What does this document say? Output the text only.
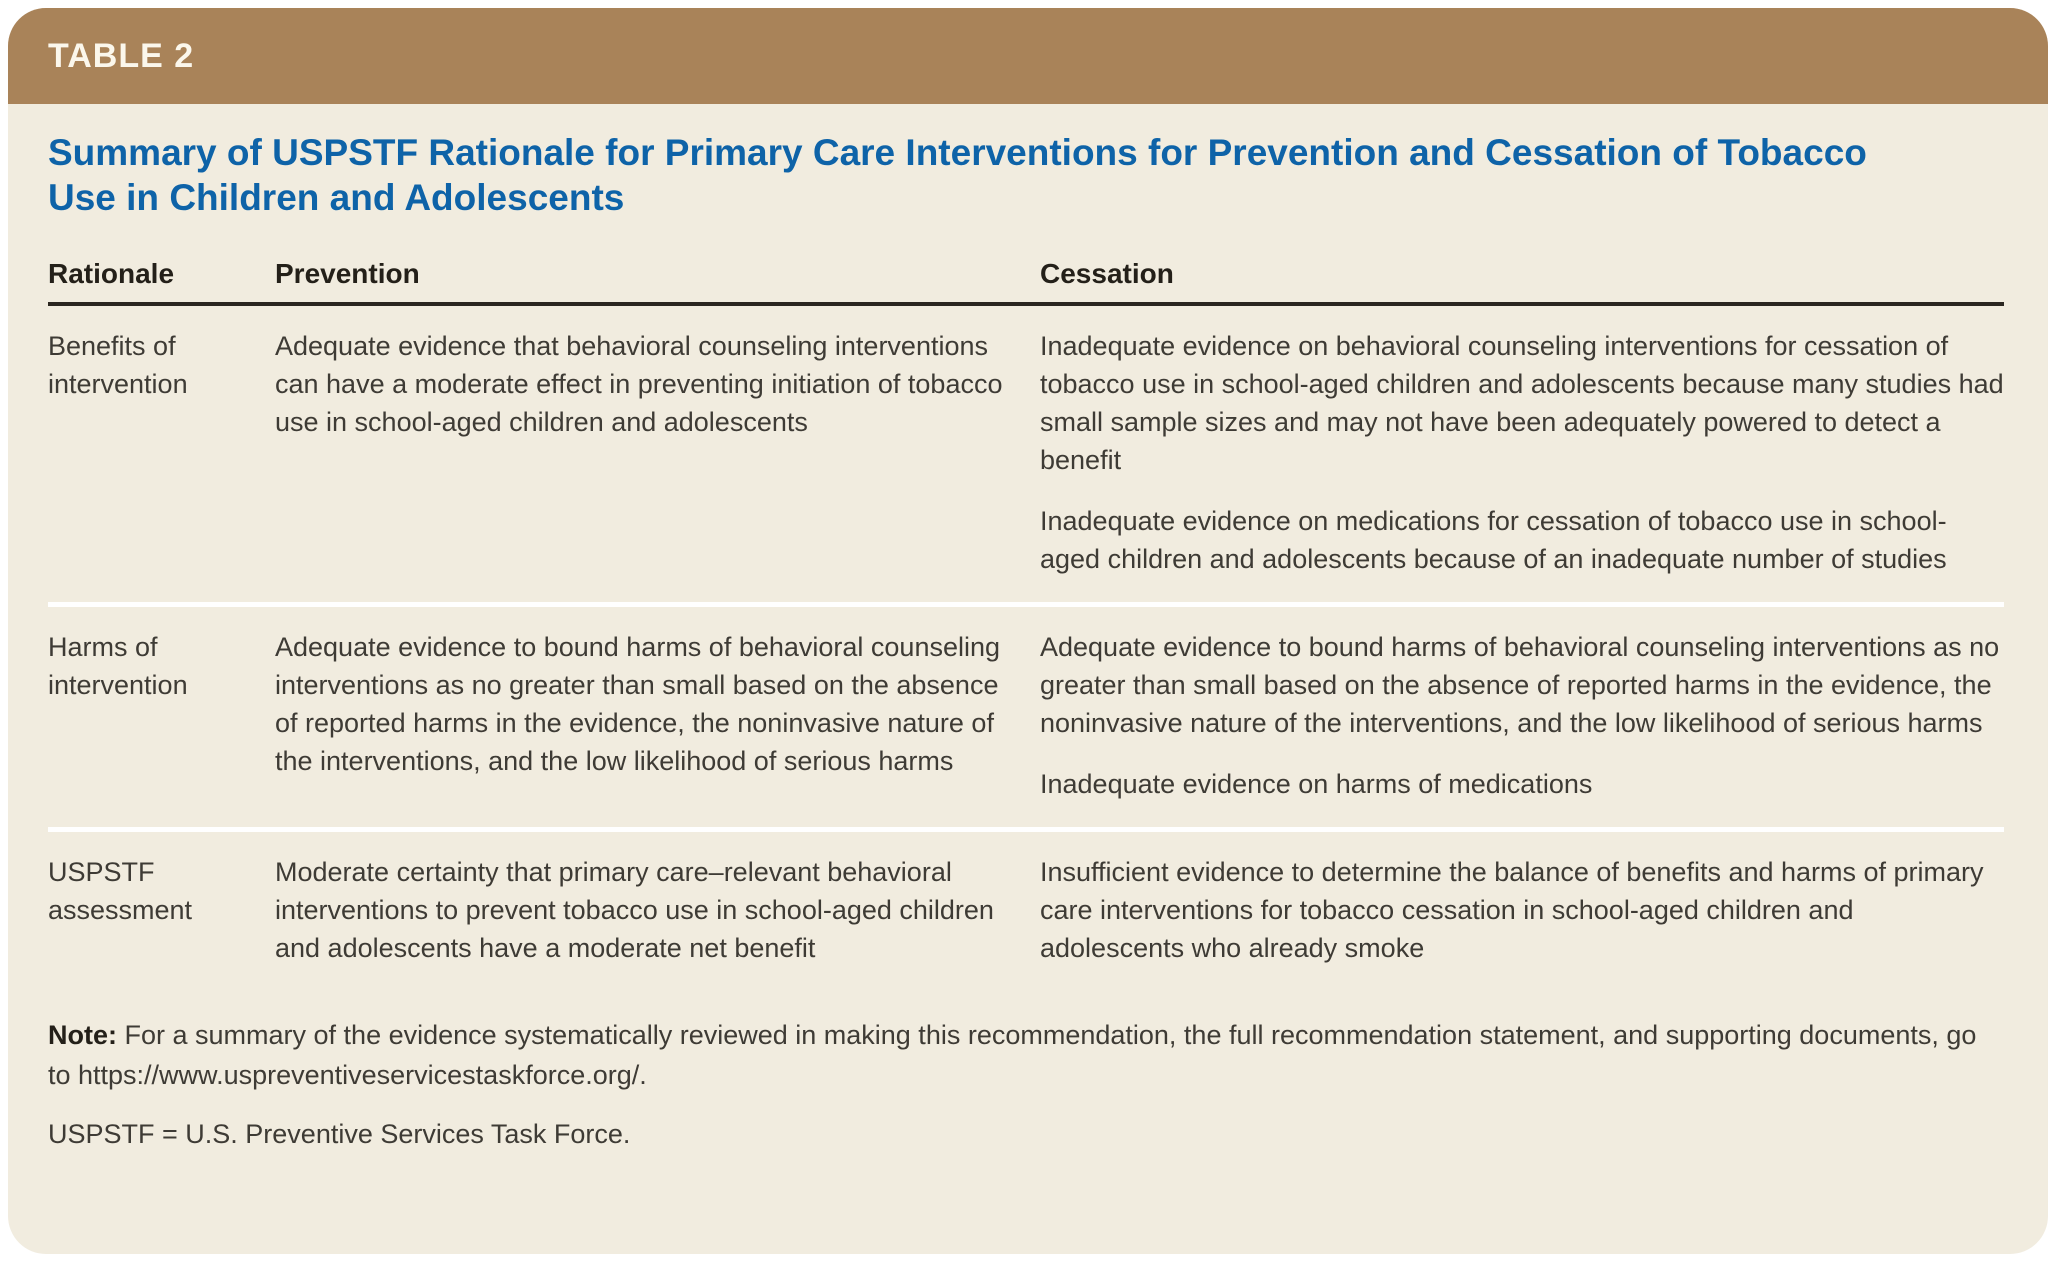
TABLE 2
Summary of USPSTF Rationale for Primary Care Interventions for Prevention and Cessation of Tobacco Use in Children and Adolescents
Rationale	Prevention	Cessation

Benefits of intervention

Adequate evidence that behavioral counseling interventions can have a moderate effect in preventing initiation of tobacco use in school-aged children and adolescents

Inadequate evidence on behavioral counseling interventions for cessation of tobacco use in school-aged children and adolescents because many studies had small sample sizes and may not have been adequately powered to detect a benefit

Inadequate evidence on medications for cessation of tobacco use in school-aged children and adolescents because of an inadequate number of studies

Harms of intervention

Adequate evidence to bound harms of behavioral counseling interventions as no greater than small based on the absence of reported harms in the evidence, the noninvasive nature of the interventions, and the low likelihood of serious harms

Adequate evidence to bound harms of behavioral counseling interventions as no greater than small based on the absence of reported harms in the evidence, the noninvasive nature of the interventions, and the low likelihood of serious harms

Inadequate evidence on harms of medications

USPSTF assessment

Moderate certainty that primary care–relevant behavioral interventions to prevent tobacco use in school-aged children and adolescents have a moderate net benefit

Insufficient evidence to determine the balance of benefits and harms of primary care interventions for tobacco cessation in school-aged children and adolescents who already smoke

Note: For a summary of the evidence systematically reviewed in making this recommendation, the full recommendation statement, and supporting documents, go to https://www.uspreventiveservicestaskforce.org/.
USPSTF = U.S. Preventive Services Task Force.
